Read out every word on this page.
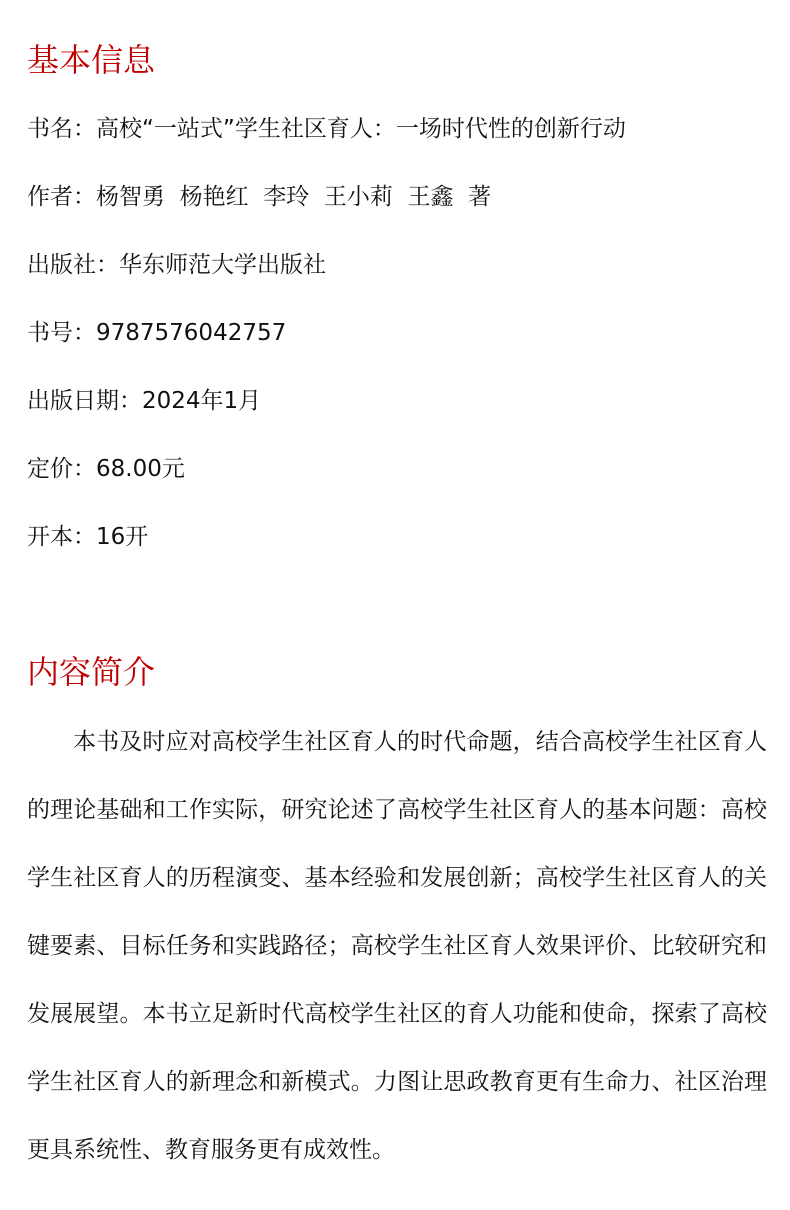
基本信息
书名：高校“一站式”学生社区育人：一场时代性的创新行动
作者：杨智勇  杨艳红  李玲  王小莉  王鑫  著
出版社：华东师范大学出版社
书号：9787576042757
出版日期：2024年1月
定价：68.00元
开本：16开
内容简介

本书及时应对高校学生社区育人的时代命题，结合高校学生社区育人的理论基础和工作实际，研究论述了高校学生社区育人的基本问题：高校学生社区育人的历程演变、基本经验和发展创新；高校学生社区育人的关键要素、目标任务和实践路径；高校学生社区育人效果评价、比较研究和发展展望。本书立足新时代高校学生社区的育人功能和使命，探索了高校学生社区育人的新理念和新模式。力图让思政教育更有生命力、社区治理更具系统性、教育服务更有成效性。
